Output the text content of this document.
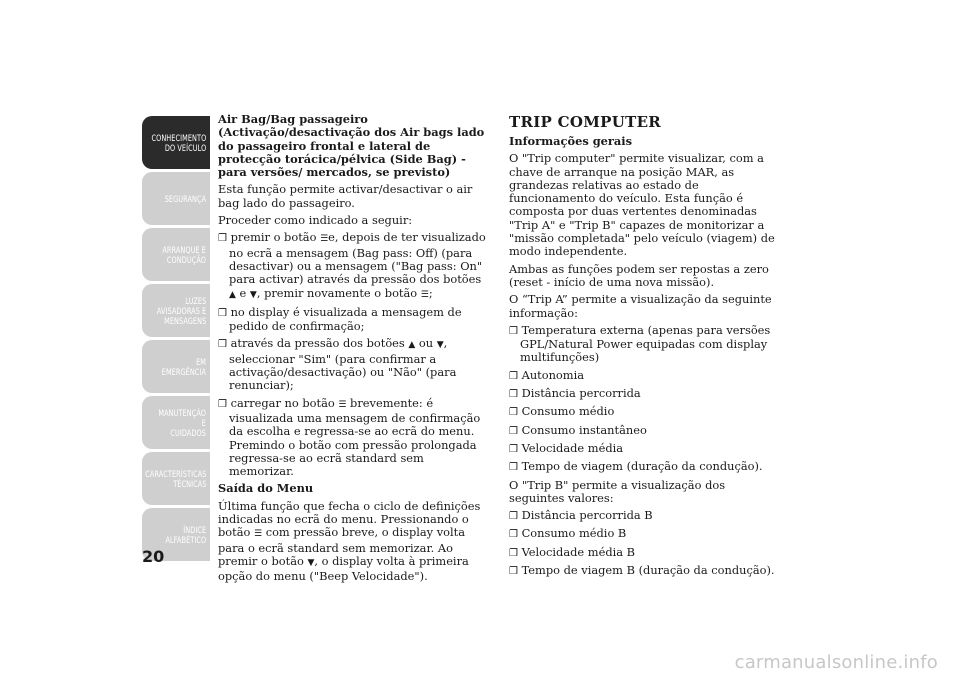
CONHECIMENTO
DO VEÍCULO
SEGURANÇA
ARRANQUE E
CONDUÇÃO
LUZES
AVISADORAS E
MENSAGENS
EM EMERGÊNCIA
MANUTENÇÃO E
CUIDADOS
CARACTERÍSTICAS
TÉCNICAS
ÍNDICE
ALFABÉTICO
20

Air Bag/Bag passageiro (Activação/desactivação dos Air bags lado do passageiro frontal e lateral de protecção torácica/pélvica (Side Bag) - para versões/ mercados, se previsto)

Esta função permite activar/desactivar o air bag lado do passageiro.

Proceder como indicado a seguir:

❒ premir o botão ☰e, depois de ter visualizado no ecrã a mensagem (Bag pass: Off) (para desactivar) ou a mensagem ("Bag pass: On" para activar) através da pressão dos botões ▲ e ▼, premir novamente o botão ☰;

❒ no display é visualizada a mensagem de pedido de confirmação;

❒ através da pressão dos botões ▲ ou ▼, seleccionar "Sim" (para confirmar a activação/desactivação) ou "Não" (para renunciar);

❒ carregar no botão ☰ brevemente: é visualizada uma mensagem de confirmação da escolha e regressa-se ao ecrã do menu. Premindo o botão com pressão prolongada regressa-se ao ecrã standard sem memorizar.

Saída do Menu

Última função que fecha o ciclo de definições indicadas no ecrã do menu. Pressionando o botão ☰ com pressão breve, o display volta para o ecrã standard sem memorizar. Ao premir o botão ▼, o display volta à primeira opção do menu ("Beep Velocidade").

TRIP COMPUTER

Informações gerais

O "Trip computer" permite visualizar, com a chave de arranque na posição MAR, as grandezas relativas ao estado de funcionamento do veículo. Esta função é composta por duas vertentes denominadas "Trip A" e "Trip B" capazes de monitorizar a "missão completada" pelo veículo (viagem) de modo independente.

Ambas as funções podem ser repostas a zero (reset - início de uma nova missão).

O “Trip A” permite a visualização da seguinte informação:

❒ Temperatura externa (apenas para versões GPL/Natural Power equipadas com display multifunções)

❒ Autonomia

❒ Distância percorrida

❒ Consumo médio

❒ Consumo instantâneo

❒ Velocidade média

❒ Tempo de viagem (duração da condução).

O "Trip B" permite a visualização dos seguintes valores:

❒ Distância percorrida B

❒ Consumo médio B

❒ Velocidade média B

❒ Tempo de viagem B (duração da condução).

carmanualsonline.info
